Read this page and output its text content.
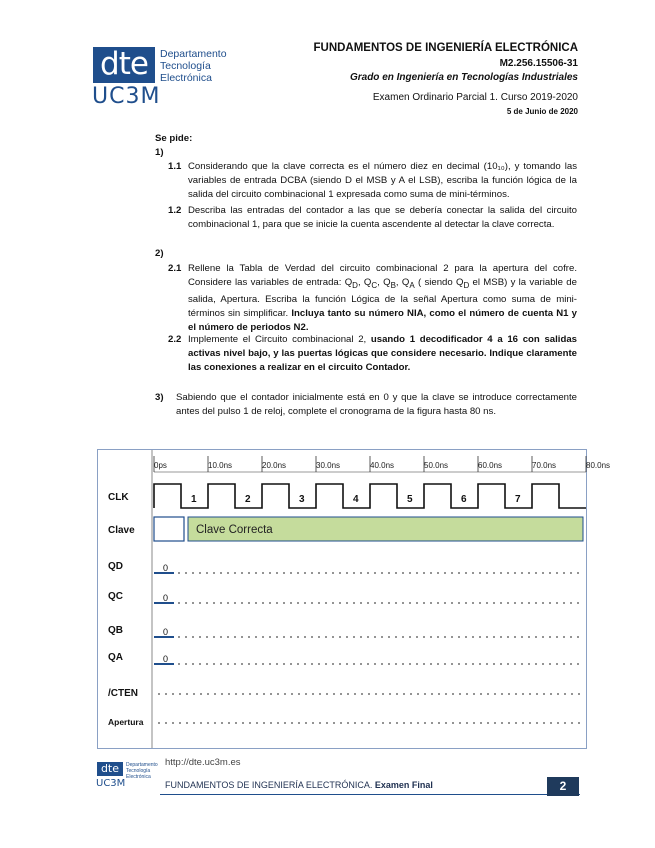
dte	Departamento
Tecnología
Electrónica
UC3M
FUNDAMENTOS DE INGENIERÍA ELECTRÓNICA
M2.256.15506-31
Grado en Ingeniería en Tecnologías Industriales
Examen Ordinario Parcial 1. Curso 2019-2020
5 de Junio de 2020
Se pide:
1)
1.1 Considerando que la clave correcta es el número diez en decimal (10₁₀), y tomando las variables de entrada DCBA (siendo D el MSB y A el LSB), escriba la función lógica de la salida del circuito combinacional 1 expresada como suma de mini-términos.
1.2 Describa las entradas del contador a las que se debería conectar la salida del circuito combinacional 1, para que se inicie la cuenta ascendente al detectar la clave correcta.
2)
2.1 Rellene la Tabla de Verdad del circuito combinacional 2 para la apertura del cofre. Considere las variables de entrada: $Q_D$, $Q_C$, $Q_B$, $Q_A$ ( siendo $Q_D$ el MSB) y la variable de salida, Apertura. Escriba la función Lógica de la señal Apertura como suma de mini- términos sin simplificar. Incluya tanto su número NIA, como el número de cuenta N1 y el número de periodos N2.
2.2 Implemente el Circuito combinacional 2, usando 1 decodificador 4 a 16 con salidas activas nivel bajo, y las puertas lógicas que considere necesario. Indique claramente las conexiones a realizar en el circuito Contador.
3) Sabiendo que el contador inicialmente está en 0 y que la clave se introduce correctamente antes del pulso 1 de reloj, complete el cronograma de la figura hasta 80 ns.
0ps	10.0ns	20.0ns	30.0ns	40.0ns	50.0ns	60.0ns	70.0ns	80.0ns
CLK
Clave
QD
QC
QB
QA
/CTEN
Apertura
1	2	3	4	5	6	7
Clave Correcta
0
0
0
0
dte	Departamento
Tecnología
Electrónica
UC3M
http://dte.uc3m.es
FUNDAMENTOS DE INGENIERÍA ELECTRÓNICA. Examen Final	2
